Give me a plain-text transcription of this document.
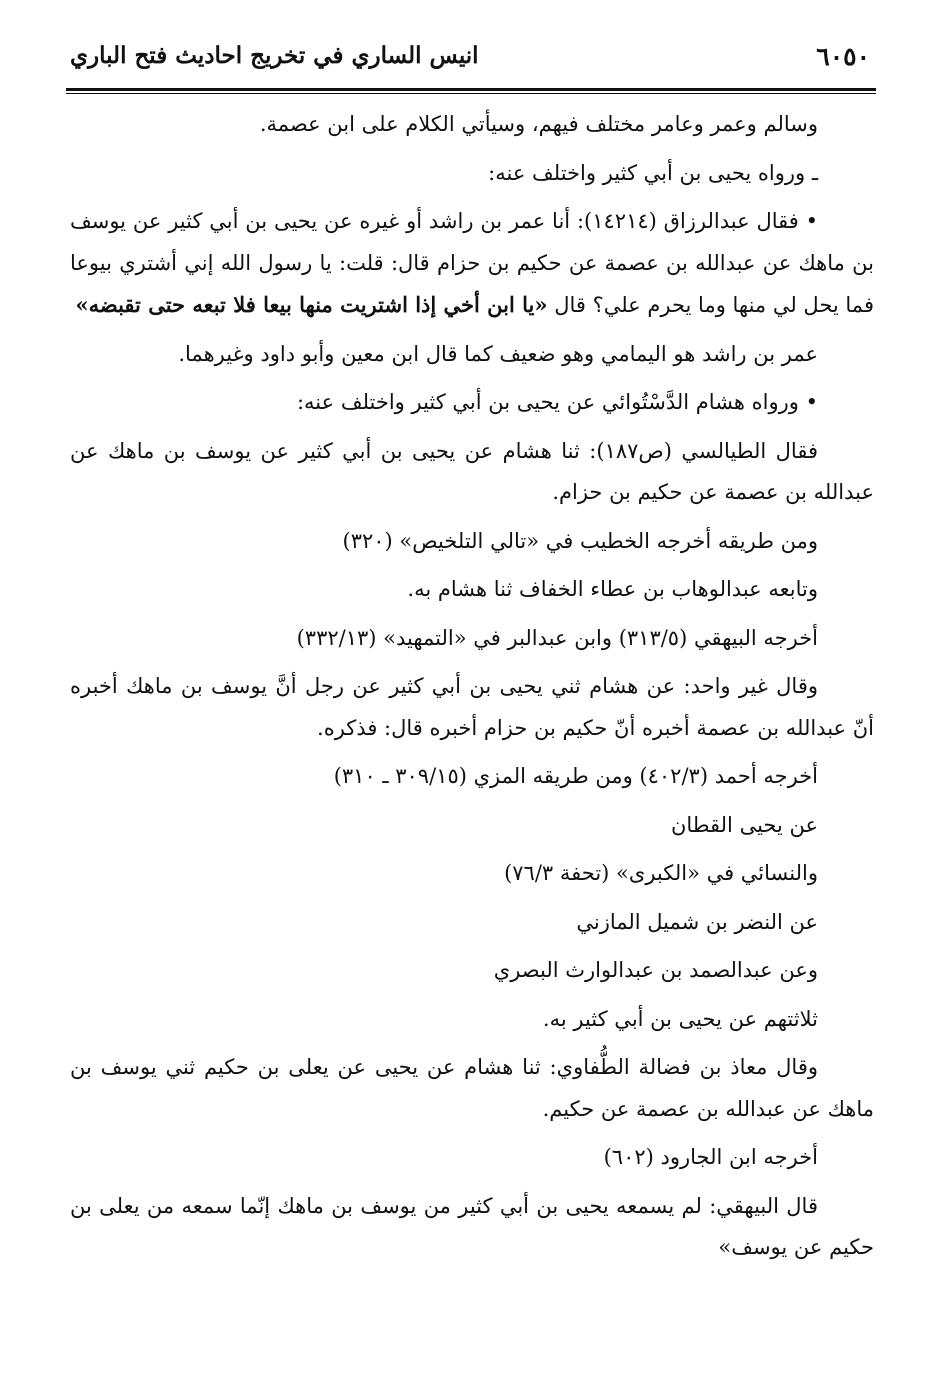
٦٠٥٠
انيس الساري في تخريج احاديث فتح الباري

وسالم وعمر وعامر مختلف فيهم، وسيأتي الكلام على ابن عصمة.

ـ ورواه يحيى بن أبي كثير واختلف عنه:

• فقال عبدالرزاق (١٤٢١٤): أنا عمر بن راشد أو غيره عن يحيى بن أبي كثير عن يوسف بن ماهك عن عبدالله بن عصمة عن حكيم بن حزام قال: قلت: يا رسول الله إني أشتري بيوعا فما يحل لي منها وما يحرم علي؟ قال «يا ابن أخي إذا اشتريت منها بيعا فلا تبعه حتى تقبضه»

عمر بن راشد هو اليمامي وهو ضعيف كما قال ابن معين وأبو داود وغيرهما.

• ورواه هشام الدَّسْتُوائي عن يحيى بن أبي كثير واختلف عنه:

فقال الطيالسي (ص١٨٧): ثنا هشام عن يحيى بن أبي كثير عن يوسف بن ماهك عن عبدالله بن عصمة عن حكيم بن حزام.

ومن طريقه أخرجه الخطيب في «تالي التلخيص» (٣٢٠)

وتابعه عبدالوهاب بن عطاء الخفاف ثنا هشام به.

أخرجه البيهقي (٣١٣/٥) وابن عبدالبر في «التمهيد» (٣٣٢/١٣)

وقال غير واحد: عن هشام ثني يحيى بن أبي كثير عن رجل أنَّ يوسف بن ماهك أخبره أنّ عبدالله بن عصمة أخبره أنّ حكيم بن حزام أخبره قال: فذكره.

أخرجه أحمد (٤٠٢/٣) ومن طريقه المزي (٣٠٩/١٥ ـ ٣١٠)

عن يحيى القطان

والنسائي في «الكبرى» (تحفة ٧٦/٣)

عن النضر بن شميل المازني

وعن عبدالصمد بن عبدالوارث البصري

ثلاثتهم عن يحيى بن أبي كثير به.

وقال معاذ بن فضالة الطُّفاوي: ثنا هشام عن يحيى عن يعلى بن حكيم ثني يوسف بن ماهك عن عبدالله بن عصمة عن حكيم.

أخرجه ابن الجارود (٦٠٢)

قال البيهقي: لم يسمعه يحيى بن أبي كثير من يوسف بن ماهك إنّما سمعه من يعلى بن حكيم عن يوسف»
